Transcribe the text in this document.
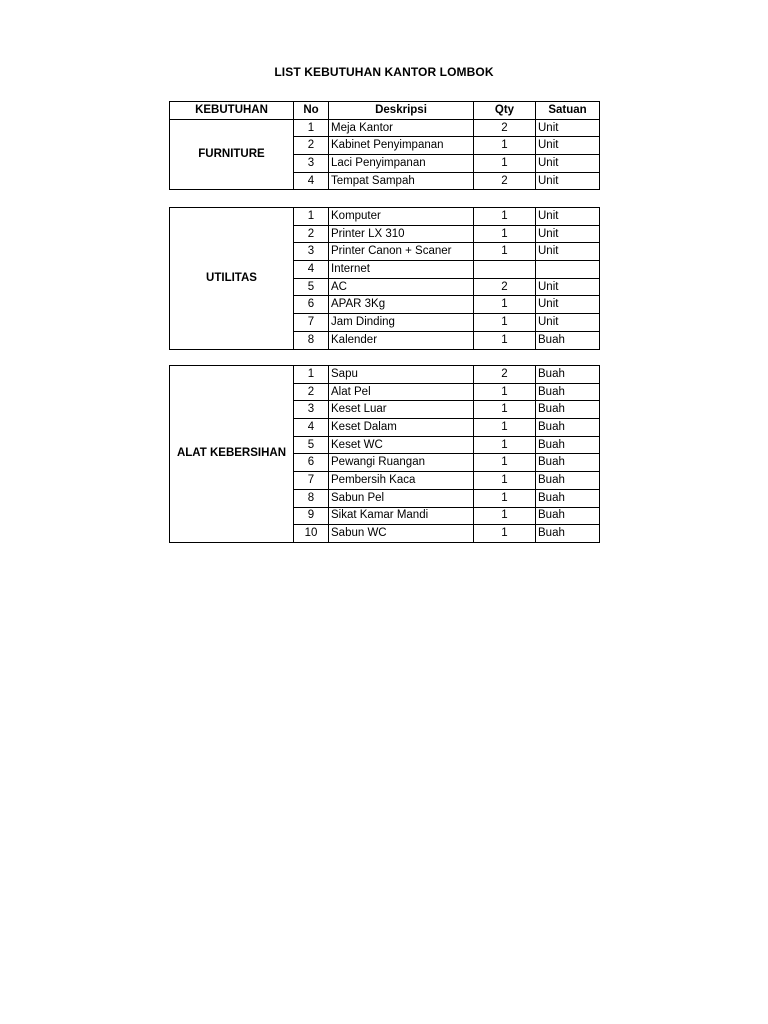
LIST KEBUTUHAN KANTOR LOMBOK
KEBUTUHAN	No	Deskripsi	Qty	Satuan
FURNITURE	1	Meja Kantor	2	Unit
	2	Kabinet Penyimpanan	1	Unit
	3	Laci Penyimpanan	1	Unit
	4	Tempat Sampah	2	Unit
UTILITAS	1	Komputer	1	Unit
	2	Printer LX 310	1	Unit
	3	Printer Canon + Scaner	1	Unit
	4	Internet		
	5	AC	2	Unit
	6	APAR 3Kg	1	Unit
	7	Jam Dinding	1	Unit
	8	Kalender	1	Buah
ALAT KEBERSIHAN	1	Sapu	2	Buah
	2	Alat Pel	1	Buah
	3	Keset Luar	1	Buah
	4	Keset Dalam	1	Buah
	5	Keset WC	1	Buah
	6	Pewangi Ruangan	1	Buah
	7	Pembersih Kaca	1	Buah
	8	Sabun Pel	1	Buah
	9	Sikat Kamar Mandi	1	Buah
	10	Sabun WC	1	Buah
